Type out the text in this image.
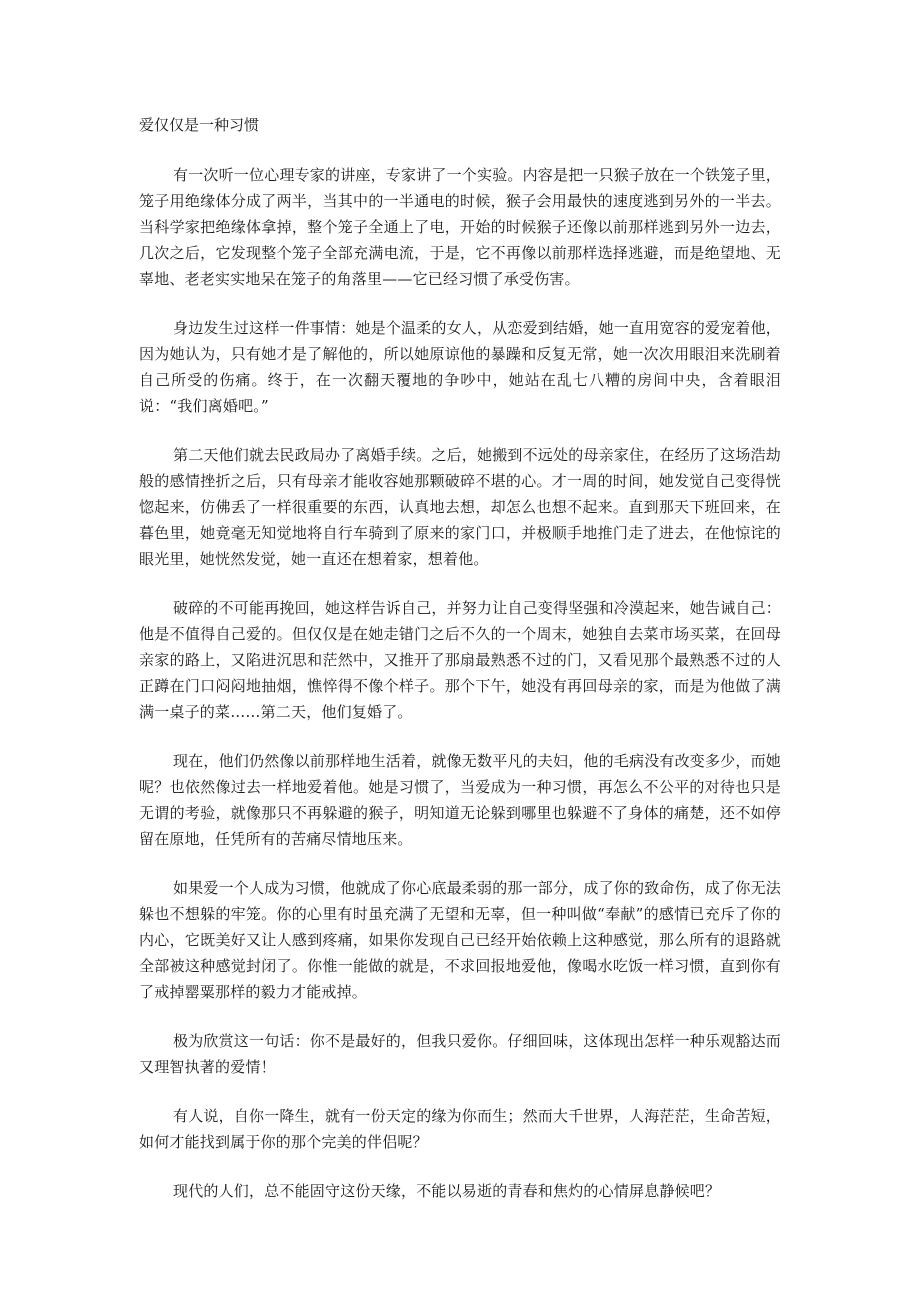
爱仅仅是一种习惯

有一次听一位心理专家的讲座，专家讲了一个实验。内容是把一只猴子放在一个铁笼子里，笼子用绝缘体分成了两半，当其中的一半通电的时候，猴子会用最快的速度逃到另外的一半去。当科学家把绝缘体拿掉，整个笼子全通上了电，开始的时候猴子还像以前那样逃到另外一边去，几次之后，它发现整个笼子全部充满电流，于是，它不再像以前那样选择逃避，而是绝望地、无辜地、老老实实地呆在笼子的角落里——它已经习惯了承受伤害。

身边发生过这样一件事情：她是个温柔的女人，从恋爱到结婚，她一直用宽容的爱宠着他，因为她认为，只有她才是了解他的，所以她原谅他的暴躁和反复无常，她一次次用眼泪来洗刷着自己所受的伤痛。终于，在一次翻天覆地的争吵中，她站在乱七八糟的房间中央，含着眼泪说：“我们离婚吧。”

第二天他们就去民政局办了离婚手续。之后，她搬到不远处的母亲家住，在经历了这场浩劫般的感情挫折之后，只有母亲才能收容她那颗破碎不堪的心。才一周的时间，她发觉自己变得恍惚起来，仿佛丢了一样很重要的东西，认真地去想，却怎么也想不起来。直到那天下班回来，在暮色里，她竟毫无知觉地将自行车骑到了原来的家门口，并极顺手地推门走了进去，在他惊诧的眼光里，她恍然发觉，她一直还在想着家，想着他。

破碎的不可能再挽回，她这样告诉自己，并努力让自己变得坚强和冷漠起来，她告诫自己：他是不值得自己爱的。但仅仅是在她走错门之后不久的一个周末，她独自去菜市场买菜，在回母亲家的路上，又陷进沉思和茫然中，又推开了那扇最熟悉不过的门，又看见那个最熟悉不过的人正蹲在门口闷闷地抽烟，憔悴得不像个样子。那个下午，她没有再回母亲的家，而是为他做了满满一桌子的菜……第二天，他们复婚了。

现在，他们仍然像以前那样地生活着，就像无数平凡的夫妇，他的毛病没有改变多少，而她呢？也依然像过去一样地爱着他。她是习惯了，当爱成为一种习惯，再怎么不公平的对待也只是无谓的考验，就像那只不再躲避的猴子，明知道无论躲到哪里也躲避不了身体的痛楚，还不如停留在原地，任凭所有的苦痛尽情地压来。

如果爱一个人成为习惯，他就成了你心底最柔弱的那一部分，成了你的致命伤，成了你无法躲也不想躲的牢笼。你的心里有时虽充满了无望和无辜，但一种叫做“奉献”的感情已充斥了你的内心，它既美好又让人感到疼痛，如果你发现自己已经开始依赖上这种感觉，那么所有的退路就全部被这种感觉封闭了。你惟一能做的就是，不求回报地爱他，像喝水吃饭一样习惯，直到你有了戒掉罂粟那样的毅力才能戒掉。

极为欣赏这一句话：你不是最好的，但我只爱你。仔细回味，这体现出怎样一种乐观豁达而又理智执著的爱情！

有人说，自你一降生，就有一份天定的缘为你而生；然而大千世界，人海茫茫，生命苦短，如何才能找到属于你的那个完美的伴侣呢？

现代的人们，总不能固守这份天缘，不能以易逝的青春和焦灼的心情屏息静候吧？
